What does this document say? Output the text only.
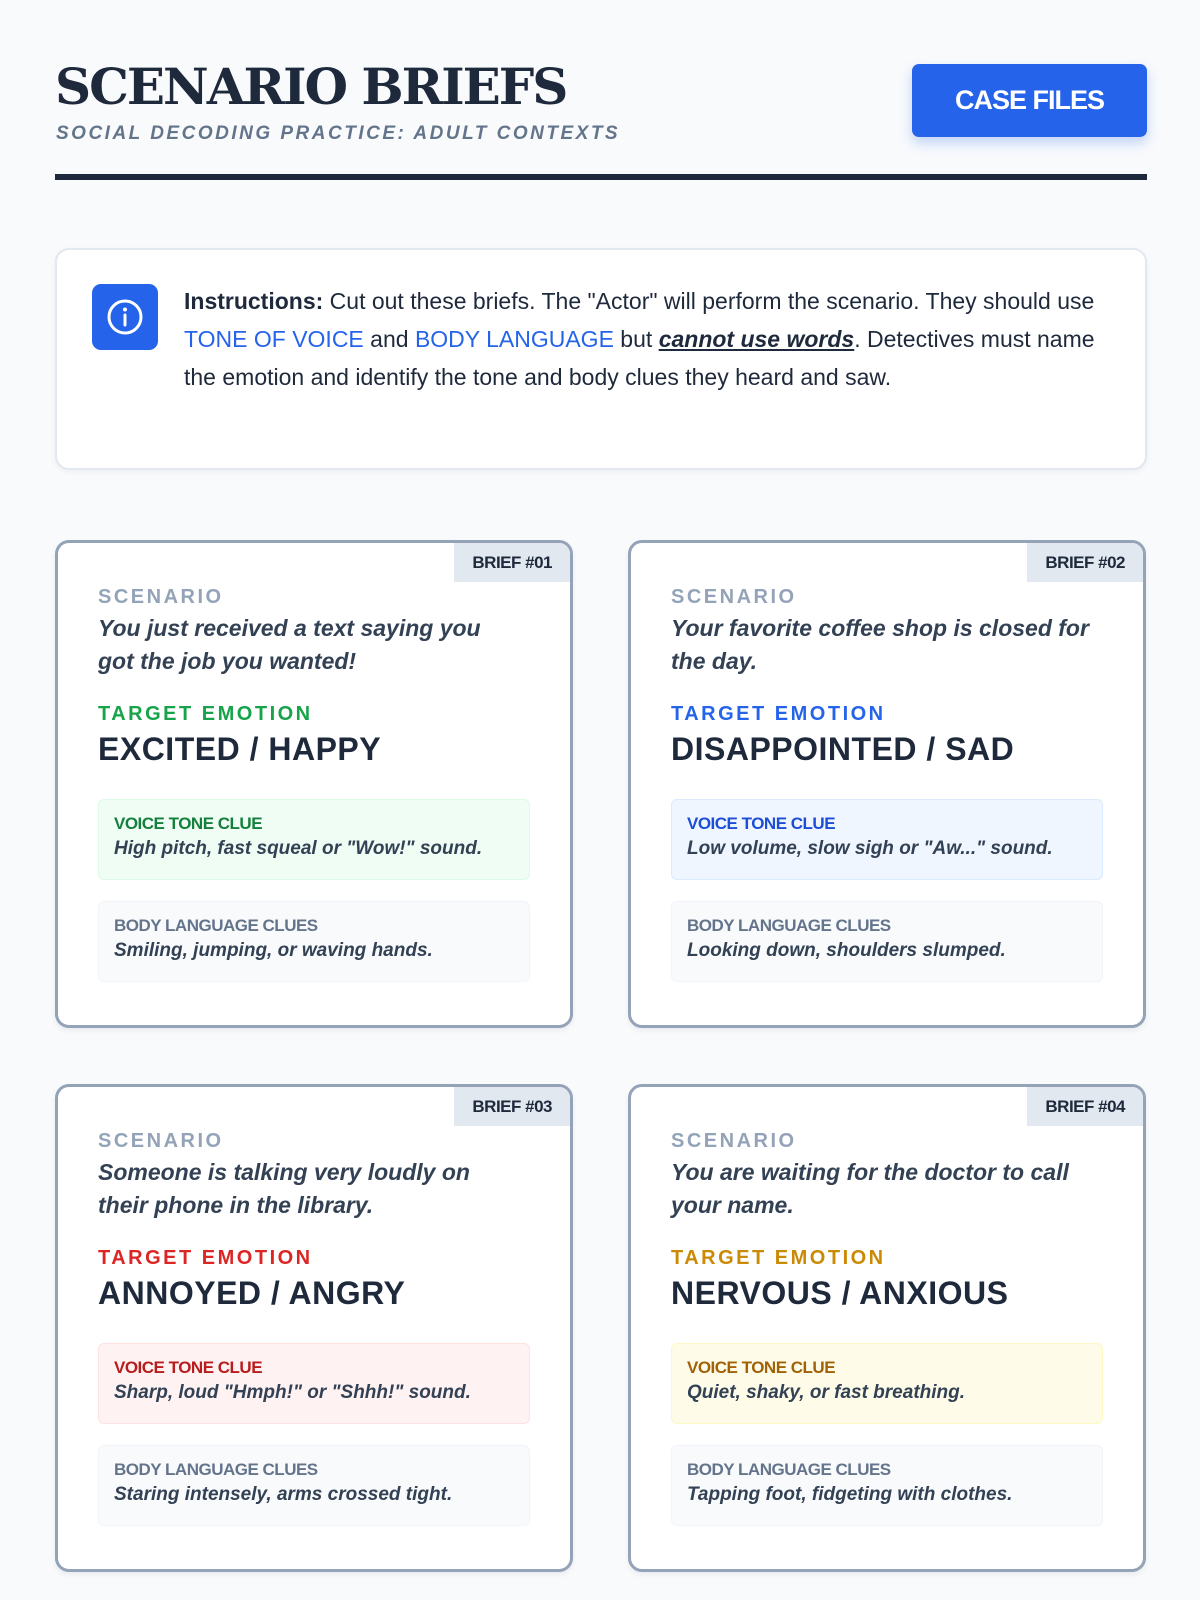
SCENARIO BRIEFS
SOCIAL DECODING PRACTICE: ADULT CONTEXTS
CASE FILES

Instructions: Cut out these briefs. The "Actor" will perform the scenario. They should use TONE OF VOICE and BODY LANGUAGE but cannot use words. Detectives must name the emotion and identify the tone and body clues they heard and saw.

BRIEF #01
SCENARIO
You just received a text saying you got the job you wanted!
TARGET EMOTION
EXCITED / HAPPY
VOICE TONE CLUE
High pitch, fast squeal or "Wow!" sound.
BODY LANGUAGE CLUES
Smiling, jumping, or waving hands.
BRIEF #02
SCENARIO
Your favorite coffee shop is closed for the day.
TARGET EMOTION
DISAPPOINTED / SAD
VOICE TONE CLUE
Low volume, slow sigh or "Aw..." sound.
BODY LANGUAGE CLUES
Looking down, shoulders slumped.
BRIEF #03
SCENARIO
Someone is talking very loudly on their phone in the library.
TARGET EMOTION
ANNOYED / ANGRY
VOICE TONE CLUE
Sharp, loud "Hmph!" or "Shhh!" sound.
BODY LANGUAGE CLUES
Staring intensely, arms crossed tight.
BRIEF #04
SCENARIO
You are waiting for the doctor to call your name.
TARGET EMOTION
NERVOUS / ANXIOUS
VOICE TONE CLUE
Quiet, shaky, or fast breathing.
BODY LANGUAGE CLUES
Tapping foot, fidgeting with clothes.
